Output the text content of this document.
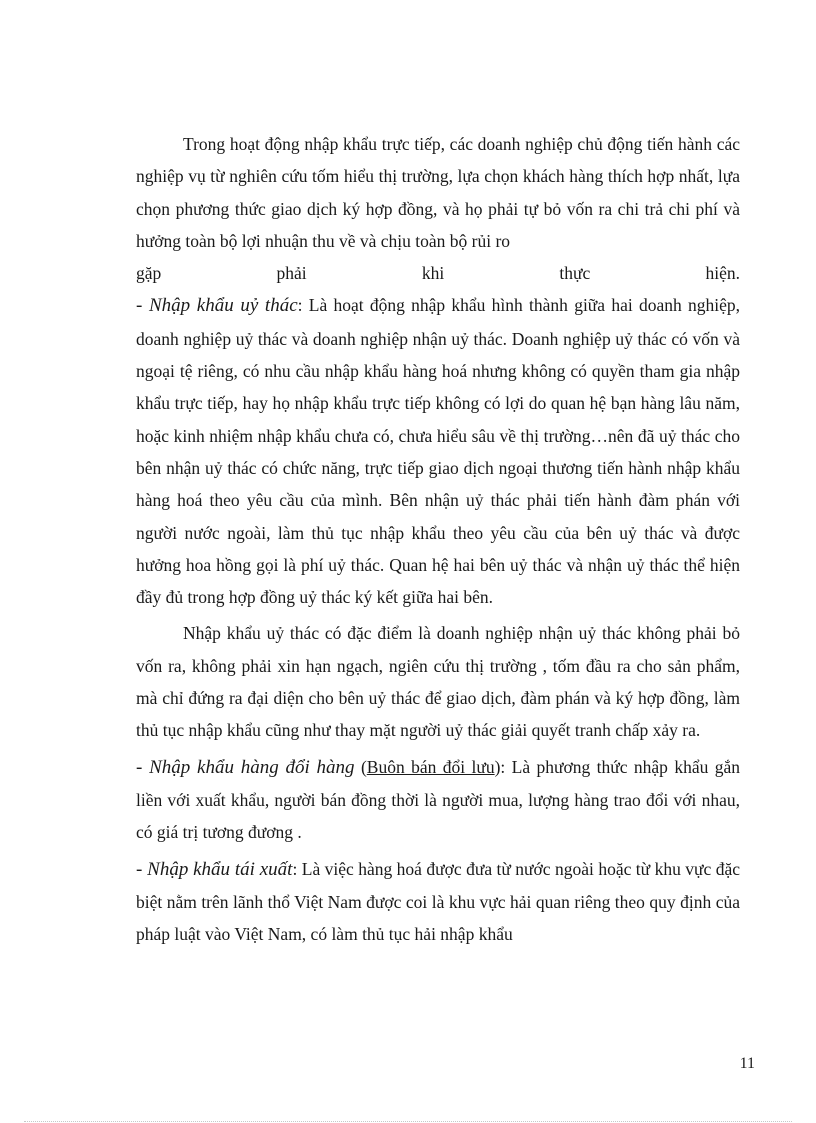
Trong hoạt động nhập khẩu trực tiếp, các doanh nghiệp chủ động tiến hành các nghiệp vụ từ nghiên cứu tốm hiểu thị trường, lựa chọn khách hàng thích hợp nhất, lựa chọn phương thức giao dịch ký hợp đồng, và họ phải tự bỏ vốn ra chi trả chi phí và hưởng toàn bộ lợi nhuận thu về và chịu toàn bộ rủi ro

gặp phải khi thực hiện.

- Nhập khẩu uỷ thác: Là hoạt động nhập khẩu hình thành giữa hai doanh nghiệp, doanh nghiệp uỷ thác và doanh nghiệp nhận uỷ thác. Doanh nghiệp uỷ thác có vốn và ngoại tệ riêng, có nhu cầu nhập khẩu hàng hoá nhưng không có quyền tham gia nhập khẩu trực tiếp, hay họ nhập khẩu trực tiếp không có lợi do quan hệ bạn hàng lâu năm, hoặc kinh nhiệm nhập khẩu chưa có, chưa hiểu sâu về thị trường…nên đã uỷ thác cho bên nhận uỷ thác có chức năng, trực tiếp giao dịch ngoại thương tiến hành nhập khẩu hàng hoá theo yêu cầu của mình. Bên nhận uỷ thác phải tiến hành đàm phán với người nước ngoài, làm thủ tục nhập khẩu theo yêu cầu của bên uỷ thác và được hưởng hoa hồng gọi là phí uỷ thác. Quan hệ hai bên uỷ thác và nhận uỷ thác thể hiện đầy đủ trong hợp đồng uỷ thác ký kết giữa hai bên.

Nhập khẩu uỷ thác có đặc điểm là doanh nghiệp nhận uỷ thác không phải bỏ vốn ra, không phải xin hạn ngạch, ngiên cứu thị trường , tốm đầu ra cho sản phẩm, mà chỉ đứng ra đại diện cho bên uỷ thác để giao dịch, đàm phán và ký hợp đồng, làm thủ tục nhập khẩu cũng như thay mặt người uỷ thác giải quyết tranh chấp xảy ra.

- Nhập khẩu hàng đổi hàng (Buôn bán đổi lưu): Là phương thức nhập khẩu gắn liền với xuất khẩu, người bán đồng thời là người mua, lượng hàng trao đổi với nhau, có giá trị tương đương .

- Nhập khẩu tái xuất: Là việc hàng hoá được đưa từ nước ngoài hoặc từ khu vực đặc biệt nằm trên lãnh thổ Việt Nam được coi là khu vực hải quan riêng theo quy định của pháp luật vào Việt Nam, có làm thủ tục hải nhập khẩu

11
